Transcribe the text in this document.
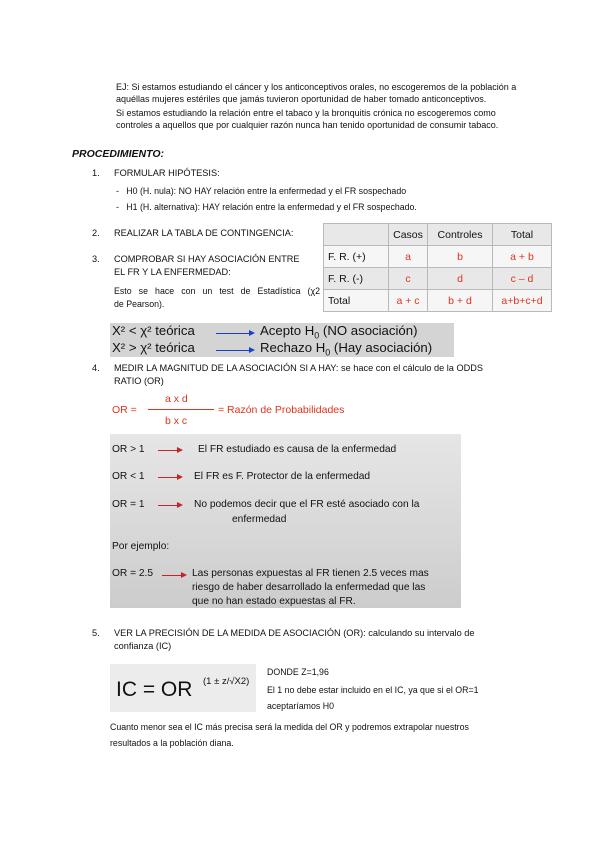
EJ: Si estamos estudiando el cáncer y los anticonceptivos orales, no escogeremos de la población a
aquéllas mujeres estériles que jamás tuvieron oportunidad de haber tomado anticonceptivos.
Si estamos estudiando la relación entre el tabaco y la bronquitis crónica no escogeremos como
controles a aquellos que por cualquier razón nunca han tenido oportunidad de consumir tabaco.
PROCEDIMIENTO:
1. FORMULAR HIPÓTESIS:
-   H0 (H. nula): NO HAY relación entre la enfermedad y el FR sospechado
-   H1 (H. alternativa): HAY relación entre la enfermedad y el FR sospechado.
2. REALIZAR LA TABLA DE CONTINGENCIA:
3. COMPROBAR SI HAY ASOCIACIÓN ENTRE
EL FR Y LA ENFERMEDAD:
Esto se hace con un test de Estadística (χ2
de Pearson).
	Casos	Controles	Total
F. R. (+)	a	b	a + b
F. R. (-)	c	d	c – d
Total	a + c	b + d	a+b+c+d
X² < χ² teórica	Acepto $H_0$ (NO asociación)
X² > χ² teórica	Rechazo $H_0$ (Hay asociación)
4. MEDIR LA MAGNITUD DE LA ASOCIACIÓN SI A HAY: se hace con el cálculo de la ODDS
RATIO (OR)
OR =
a x d
b x c
= Razón de Probabilidades
OR > 1	El FR estudiado es causa de la enfermedad
OR < 1	El FR es F. Protector de la enfermedad
OR = 1	No podemos decir que el FR esté asociado con la
enfermedad
Por ejemplo:
OR = 2.5	Las personas expuestas al FR tienen 2.5 veces mas
riesgo de haber desarrollado la enfermedad que las
que no han estado expuestas al FR.
5. VER LA PRECISIÓN DE LA MEDIDA DE ASOCIACIÓN (OR): calculando su intervalo de
confianza (IC)
IC = OR (1 ± z/√X2)
DONDE Z=1,96
El 1 no debe estar incluido en el IC, ya que si el OR=1
aceptaríamos H0
Cuanto menor sea el IC más precisa será la medida del OR y podremos extrapolar nuestros
resultados a la población diana.
